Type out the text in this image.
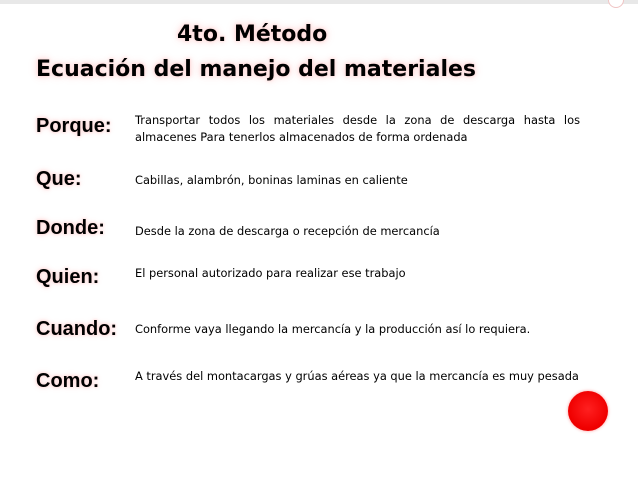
4to. Método
Ecuación del manejo del materiales
Porque: Transportar todos los materiales desde la zona de descarga hasta los almacenes Para tenerlos almacenados de forma ordenada
Que:	Cabillas, alambrón, boninas laminas en caliente
Donde:	Desde la zona de descarga o recepción de mercancía
Quien:	El personal autorizado para realizar ese trabajo
Cuando: Conforme vaya llegando la mercancía y la producción así lo requiera.
Como:	A través del montacargas y grúas aéreas ya que la mercancía es muy pesada
